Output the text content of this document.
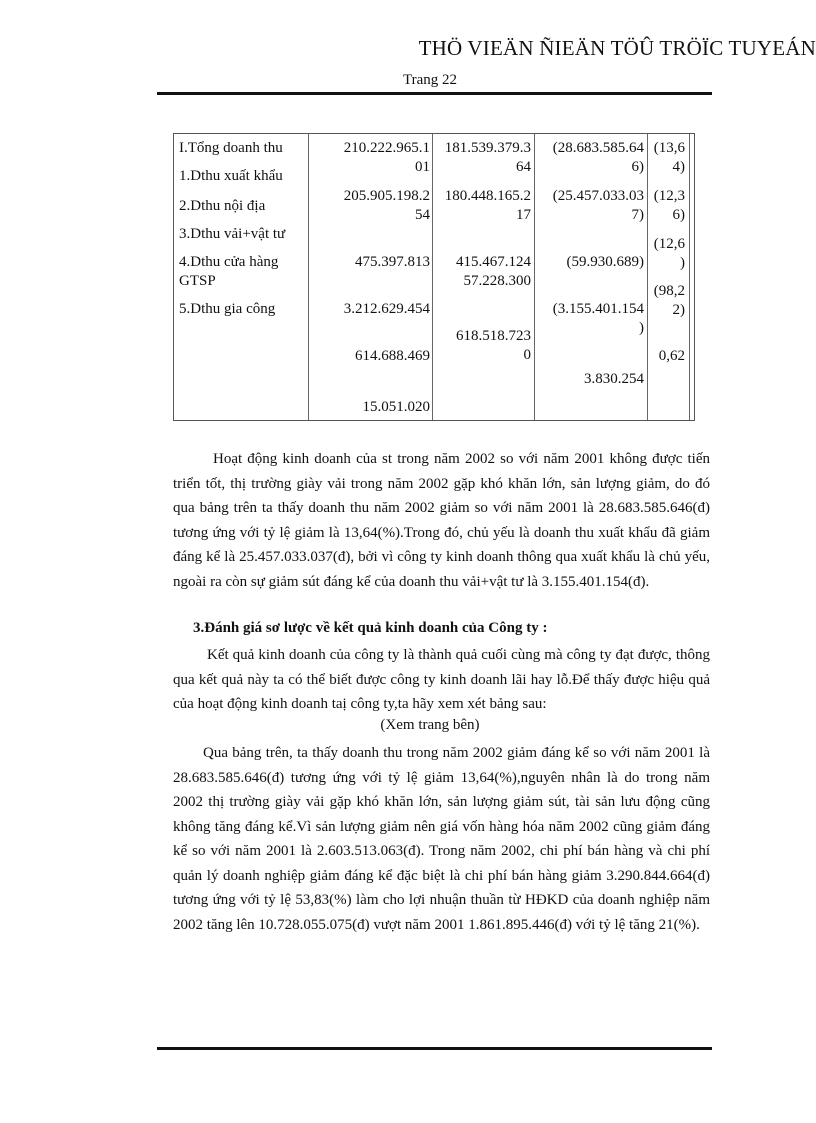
THÖ VIEÄN ÑIEÄN TÖÛ TRÖÏC TUYEÁN
Trang 22
I.Tổng doanh thu
1.Dthu xuất khẩu
2.Dthu nội địa
3.Dthu vải+vật tư
4.Dthu cửa hàng
GTSP
5.Dthu gia công
210.222.965.1
01
205.905.198.2
54
475.397.813
3.212.629.454
614.688.469
15.051.020
181.539.379.3
64
180.448.165.2
17
415.467.124
57.228.300
618.518.723
0
(28.683.585.64
6)
(25.457.033.03
7)
(59.930.689)
(3.155.401.154
)
3.830.254
(13,6
4)
(12,3
6)
(12,6
)
(98,2
2)
0,62

Hoạt động kinh doanh của st trong năm 2002 so với năm 2001 không được tiến triển tốt, thị trường giày vải trong năm 2002 gặp khó khăn lớn, sản lượng giảm, do đó qua bảng trên ta thấy doanh thu năm 2002 giảm so với năm 2001 là 28.683.585.646(đ) tương ứng với tỷ lệ giảm là 13,64(%).Trong đó, chủ yếu là doanh thu xuất khẩu đã giảm đáng kể là 25.457.033.037(đ), bởi vì công ty kinh doanh thông qua xuất khẩu là chủ yếu, ngoài ra còn sự giảm sút đáng kể của doanh thu vải+vật tư là 3.155.401.154(đ).

3.Đánh giá sơ lược về kết quả kinh doanh của Công ty :

Kết quả kinh doanh của công ty là thành quả cuối cùng mà công ty đạt được, thông qua kết quả này ta có thể biết được công ty kinh doanh lãi hay lỗ.Để thấy được hiệu quả của hoạt động kinh doanh taị công ty,ta hãy xem xét bảng sau:

(Xem trang bên)

Qua bảng trên, ta thấy doanh thu trong năm 2002 giảm đáng kể so với năm 2001 là 28.683.585.646(đ) tương ứng với tỷ lệ giảm 13,64(%),nguyên nhân là do trong năm 2002 thị trường giày vải gặp khó khăn lớn, sản lượng giảm sút, tài sản lưu động cũng không tăng đáng kể.Vì sản lượng giảm nên giá vốn hàng hóa năm 2002 cũng giảm đáng kể so với năm 2001 là 2.603.513.063(đ). Trong năm 2002, chi phí bán hàng và chi phí quản lý doanh nghiệp giảm đáng kể đặc biệt là chi phí bán hàng giảm 3.290.844.664(đ) tương ứng với tỷ lệ 53,83(%) làm cho lợi nhuận thuần từ HĐKD của doanh nghiệp năm 2002 tăng lên 10.728.055.075(đ) vượt năm 2001 1.861.895.446(đ) với tỷ lệ tăng 21(%).
